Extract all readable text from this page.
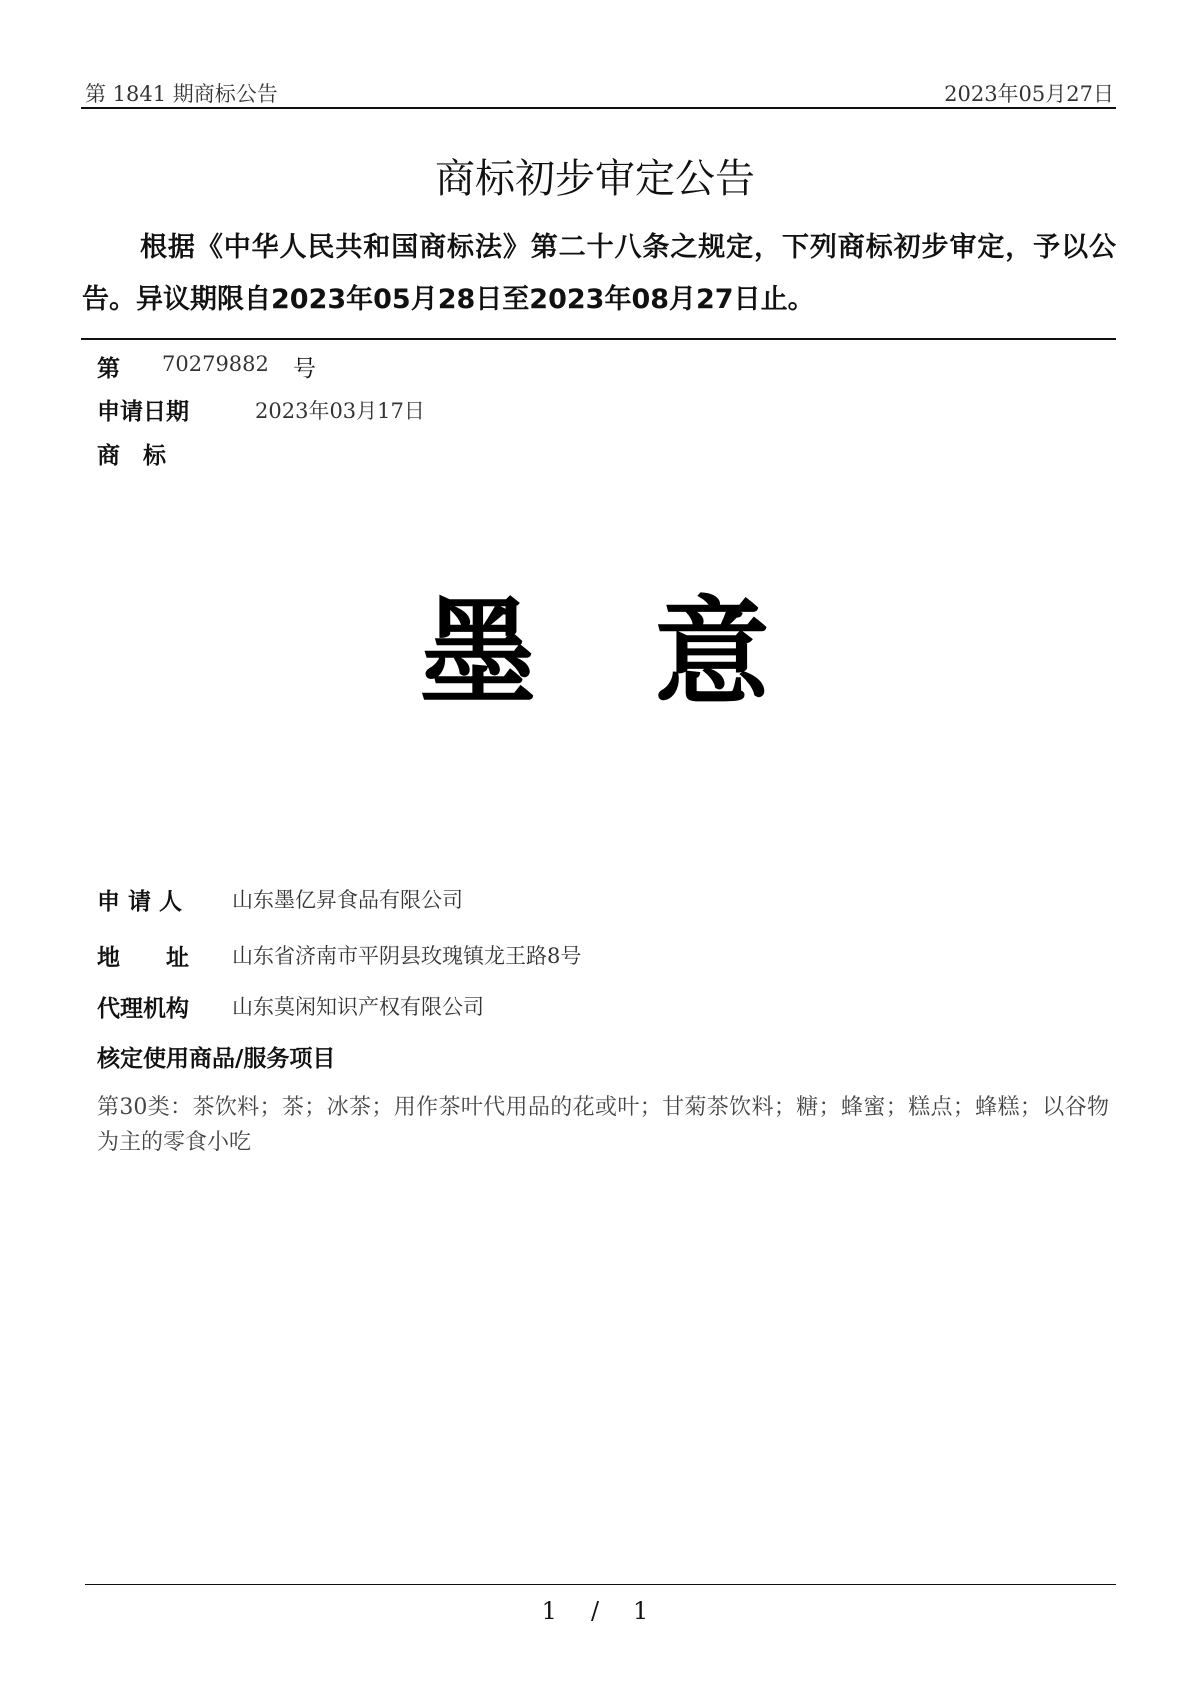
第 1841 期商标公告	2023年05月27日
商标初步审定公告

根据《中华人民共和国商标法》第二十八条之规定，下列商标初步审定，予以公告。异议期限自2023年05月28日至2023年08月27日止。

第 70279882 号
申请日期	2023年03月17日
商　标
墨 意
申 请 人 山东墨亿昇食品有限公司
地　　址 山东省济南市平阴县玫瑰镇龙王路8号
代理机构 山东莫闲知识产权有限公司
核定使用商品/服务项目
第30类：茶饮料；茶；冰茶；用作茶叶代用品的花或叶；甘菊茶饮料；糖；蜂蜜；糕点；蜂糕；以谷物为主的零食小吃
1 / 1
